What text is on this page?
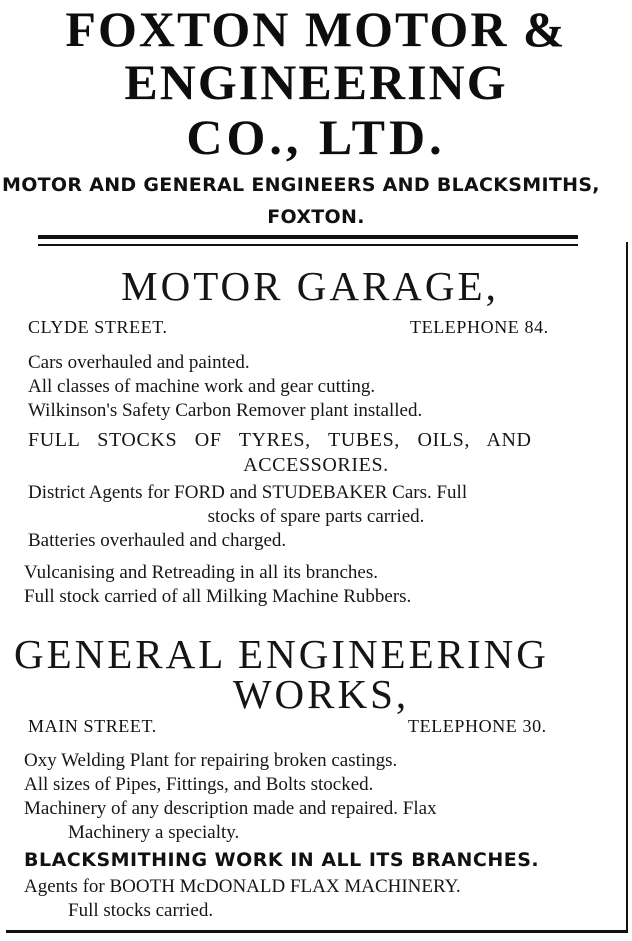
FOXTON MOTOR &
ENGINEERING
CO., LTD.
MOTOR AND GENERAL ENGINEERS AND BLACKSMITHS,
FOXTON.
MOTOR GARAGE,
CLYDE STREET.	TELEPHONE 84.
Cars overhauled and painted.
All classes of machine work and gear cutting.
Wilkinson's Safety Carbon Remover plant installed.
FULL STOCKS OF TYRES, TUBES, OILS, AND
ACCESSORIES.
District Agents for FORD and STUDEBAKER Cars. Full
stocks of spare parts carried.
Batteries overhauled and charged.
Vulcanising and Retreading in all its branches.
Full stock carried of all Milking Machine Rubbers.
GENERAL ENGINEERING
WORKS,
MAIN STREET.	TELEPHONE 30.
Oxy Welding Plant for repairing broken castings.
All sizes of Pipes, Fittings, and Bolts stocked.
Machinery of any description made and repaired. Flax
Machinery a specialty.
BLACKSMITHING WORK IN ALL ITS BRANCHES.
Agents for BOOTH McDONALD FLAX MACHINERY.
Full stocks carried.
